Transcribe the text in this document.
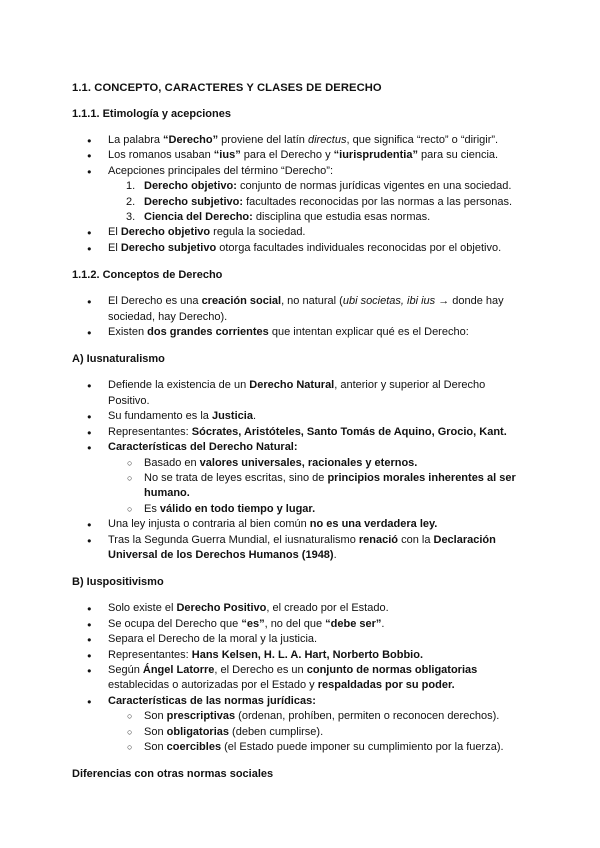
1.1. CONCEPTO, CARACTERES Y CLASES DE DERECHO
1.1.1. Etimología y acepciones
● La palabra “Derecho” proviene del latín directus, que significa “recto” o “dirigir”.
● Los romanos usaban “ius” para el Derecho y “iurisprudentia” para su ciencia.
● Acepciones principales del término “Derecho”:
1. Derecho objetivo: conjunto de normas jurídicas vigentes en una sociedad.
2. Derecho subjetivo: facultades reconocidas por las normas a las personas.
3. Ciencia del Derecho: disciplina que estudia esas normas.
● El Derecho objetivo regula la sociedad.
● El Derecho subjetivo otorga facultades individuales reconocidas por el objetivo.
1.1.2. Conceptos de Derecho
● El Derecho es una creación social, no natural (ubi societas, ibi ius → donde hay sociedad, hay Derecho).
● Existen dos grandes corrientes que intentan explicar qué es el Derecho:
A) Iusnaturalismo
● Defiende la existencia de un Derecho Natural, anterior y superior al Derecho Positivo.
● Su fundamento es la Justicia.
● Representantes: Sócrates, Aristóteles, Santo Tomás de Aquino, Grocio, Kant.
● Características del Derecho Natural:
○ Basado en valores universales, racionales y eternos.
○ No se trata de leyes escritas, sino de principios morales inherentes al ser humano.
○ Es válido en todo tiempo y lugar.
● Una ley injusta o contraria al bien común no es una verdadera ley.
● Tras la Segunda Guerra Mundial, el iusnaturalismo renació con la Declaración Universal de los Derechos Humanos (1948).
B) Iuspositivismo
● Solo existe el Derecho Positivo, el creado por el Estado.
● Se ocupa del Derecho que “es”, no del que “debe ser”.
● Separa el Derecho de la moral y la justicia.
● Representantes: Hans Kelsen, H. L. A. Hart, Norberto Bobbio.
● Según Ángel Latorre, el Derecho es un conjunto de normas obligatorias establecidas o autorizadas por el Estado y respaldadas por su poder.
● Características de las normas jurídicas:
○ Son prescriptivas (ordenan, prohíben, permiten o reconocen derechos).
○ Son obligatorias (deben cumplirse).
○ Son coercibles (el Estado puede imponer su cumplimiento por la fuerza).
Diferencias con otras normas sociales
